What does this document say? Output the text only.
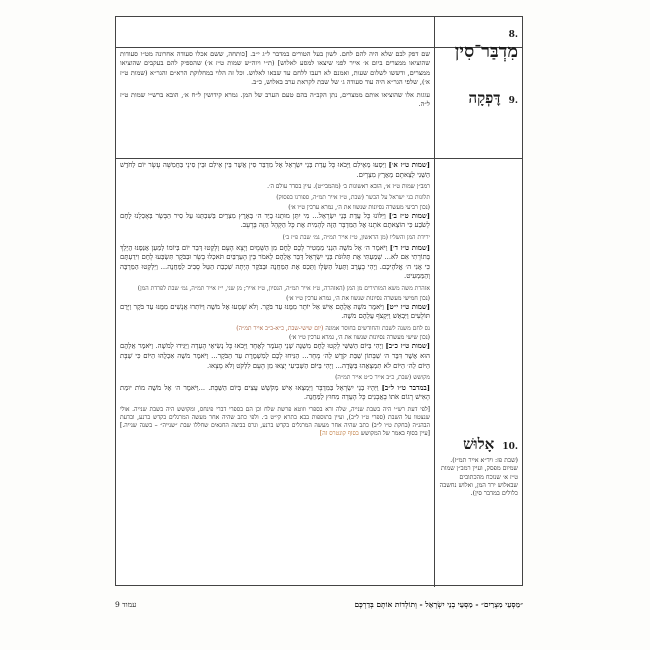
.8 מִדְבַּר־סִין
.9 דׇּפְקָה

שם דפק לבם שלא היה להם לחם. לשון בעל הטורים במדבר ל״ג י״ב. [כותחה, ששם אכלו סעודה אחרונה מט״ו סעודות שהוציאו ממצרים ביום א׳ אייר לפני שיצאו למסע לאלוש] (ת״י ויוה״ש שמות ט״ז א׳) שהספיק להם בעקבים שהוציאו ממצרים, ודששו לשלום שעות, ואמנם לא רעבו ללחם עד שבאו לאלוש. וכל זה הלוי במחלוקת הרא״ם והגר״א (שמות ט״ז א׳), שלפי הגר״א היה עוד סעודה ג׳ של שבת לקראת ערב באלוש, כ״ב.

עוגות אלו שהוציאו אותם ממצרים, נתן הקב״ה בהם טעם הערב של המן. גמרא קידושין ל״ח א׳, הובא ברש״י שמות ט״ז ל״ה.

.10 אָלוּשׁ
(שבת פז: ויד״א אייר תמ״ז). שמיום מפסק, ועיין רמב״ן שמות ט״ז א׳ שנוכח מהכתובים שבאלוש ירד המן, ואלוש נחשבה כלולים במדבר סין).

[שמות ט״ז א׳] וַיִּסְעוּ מֵאֵילִם וַיָּבֹאוּ כׇּל עֲדַת בְּנֵי יִשְׂרָאֵל אֶל מִדְבַּר סִין אֲשֶׁר בֵּין אֵילִם וּבֵין סִינָי בַּחֲמִשָּׁה עָשָׂר יוֹם לַחֹדֶשׁ הַשֵּׁנִי לְצֵאתָם מֵאֶרֶץ מִצְרָיִם.

רמב״ן שמות ט״ז א׳, הובא ראשונות ב׳ (מהמבי״ט). עיין בסדר עולם ה׳.
תלונות בני ישראל על הבשר (שבת, ט״ז אייר תמ״ה, ספורנו בפסוק)
(נכון רביעי מעשרה נסיונות שנשוו את ה׳, גמרא ערכין ט״ו א׳)

[שמות ט״ז ב׳] וַיִּלּוֹנוּ כׇּל עֲדַת בְּנֵי יִשְׂרָאֵל... מִי יִתֵּן מוּתֵנוּ בְיַד ה׳ בְּאֶרֶץ מִצְרַיִם בְּשִׁבְתֵּנוּ עַל סִיר הַבָּשָׂר בְּאׇכְלֵנוּ לֶחֶם לָשֹׂבַע כִּי הוֹצֵאתֶם אֹתָנוּ אֶל הַמִּדְבָּר הַזֶּה לְהָמִית אֶת כׇּל הַקָּהָל הַזֶּה בָּרָעָב.

ירידת המן והשליו (מן הראשון, ט״ז אייר תמ״ה, גמ׳ שבת פ״ז ב׳)

[שמות ט״ז ד׳] וַיֹּאמֶר ה׳ אֶל מֹשֶׁה הִנְנִי מַמְטִיר לָכֶם לֶחֶם מִן הַשָּׁמָיִם וְיָצָא הָעָם וְלָקְטוּ דְּבַר יוֹם בְּיוֹמוֹ לְמַעַן אֲנַסֶּנּוּ הֲיֵלֵךְ בְּתוֹרָתִי אִם לֹא... שָׁמַעְתִּי אֶת תְּלוּנֹּת בְּנֵי יִשְׂרָאֵל דַּבֵּר אֲלֵהֶם לֵאמֹר בֵּין הָעַרְבַּיִם תֹּאכְלוּ בָשָׂר וּבַבֹּקֶר תִּשְׂבְּעוּ לָחֶם וִידַעְתֶּם כִּי אֲנִי ה׳ אֱלֹהֵיכֶם. וַיְהִי בָעֶרֶב וַתַּעַל הַשְּׂלָו וַתְּכַס אֶת הַמַּחֲנֶה וּבַבֹּקֶר הָיְתָה שִׁכְבַת הַטַּל סָבִיב לַמַּחֲנֶה... וַיִּלְקְטוּ הַמַּרְבֶּה וְהַמַּמְעִיט.

אזהרת משה משא המותירים מן המן (האזהרה, ט״ז אייר תמ״ה, הנסיון, ט״ז אייר; מן שני, י״ז אייר תמ״ה, גמ׳ שבת לפרדת המן)
(נכון חמישי מעשרה נסיונות שנשוו את ה׳, גמרא ערכין ט״ו א׳)

[שמות ט״ז י״ט] וַיֹּאמֶר מֹשֶׁה אֲלֵהֶם אִישׁ אַל יוֹתֵר מִמֶּנּוּ עַד בֹּקֶר. וְלֹא שָׁמְעוּ אֶל מֹשֶׁה וַיּוֹתִרוּ אֲנָשִׁים מִמֶּנּוּ עַד בֹּקֶר וַיָּרֻם תּוֹלָעִים וַיִּבְאַשׁ וַיִּקְצֹף עֲלֵהֶם מֹשֶׁה.

נס לחם משנה לשבת והחודשים בחוסר אמונה (יום שישי-שבת, כ״א-כ״ב אייר תמ״ה)
(נכון שישי מעשרה נסיונות שנשוו את ה׳, גמרא ערכין ט״ו א׳)

[שמות ט״ז כ״ב] וַיְהִי בַּיּוֹם הַשִּׁשִּׁי לָקְטוּ לֶחֶם מִשְׁנֶה שְׁנֵי הָעֹמֶר לָאֶחָד וַיָּבֹאוּ כׇּל נְשִׂיאֵי הָעֵדָה וַיַּגִּידוּ לְמֹשֶׁה. וַיֹּאמֶר אֲלֵהֶם הוּא אֲשֶׁר דִּבֶּר ה׳ שַׁבָּתוֹן שַׁבַּת קֹדֶשׁ לַה׳ מָחָר... הַנִּיחוּ לָכֶם לְמִשְׁמֶרֶת עַד הַבֹּקֶר... וַיֹּאמֶר מֹשֶׁה אִכְלֻהוּ הַיּוֹם כִּי שַׁבָּת הַיּוֹם לַה׳ הַיּוֹם לֹא תִמְצָאֻהוּ בַּשָּׂדֶה... וַיְהִי בַּיּוֹם הַשְּׁבִיעִי יָצְאוּ מִן הָעָם לִלְקֹט וְלֹא מָצָאוּ.

מקושש (שבת, כ״ב אייר כ״ט אייר תמ״ה)

[במדבר ט״ו ל״ב] וַיִּהְיוּ בְנֵי יִשְׂרָאֵל בַּמִּדְבָּר וַיִּמְצְאוּ אִישׁ מְקֹשֵׁשׁ עֵצִים בְּיוֹם הַשַּׁבָּת. ...וַיֹּאמֶר ה׳ אֶל מֹשֶׁה מוֹת יוּמַת הָאִישׁ רָגוֹם אֹתוֹ בָאֲבָנִים כׇּל הָעֵדָה מִחוּץ לַמַּחֲנֶה.

[לפי דעת רש״י היה בשבת שנייה, שלה ורא בספרי וזוטא פרשת שלח וכן הם בספרי דברי פינחס, ומקושש היה בשבת שנייה. אולי שנצטוו על השבת (ספרי ט״ו ל״ב), ועיין בתוספות בבא בתרא קי״ט ב׳. ולפי כתב שהיה אחר מעשה המרגלים בקדש ברנע, ובדעת הבהג״ה (בחקת ט״ו ל״ב) כתב שהיה אחר מעשה המרגלים בקדש ברנע, וגרס בביצה החגאים שחללו שבת ״שנייה״ – בשנה שנייה.] [עיין בסוף באמר של המקושש בסוף קונטרס זה]
״מַסְעֵי מִצְרַיִם״ - מַסְעֵי בְנֵי יִשְׂרָאֵל - וְתוֹלְדוֹת אוֹתָם בְּדַרְכָּם
עמוד 9
